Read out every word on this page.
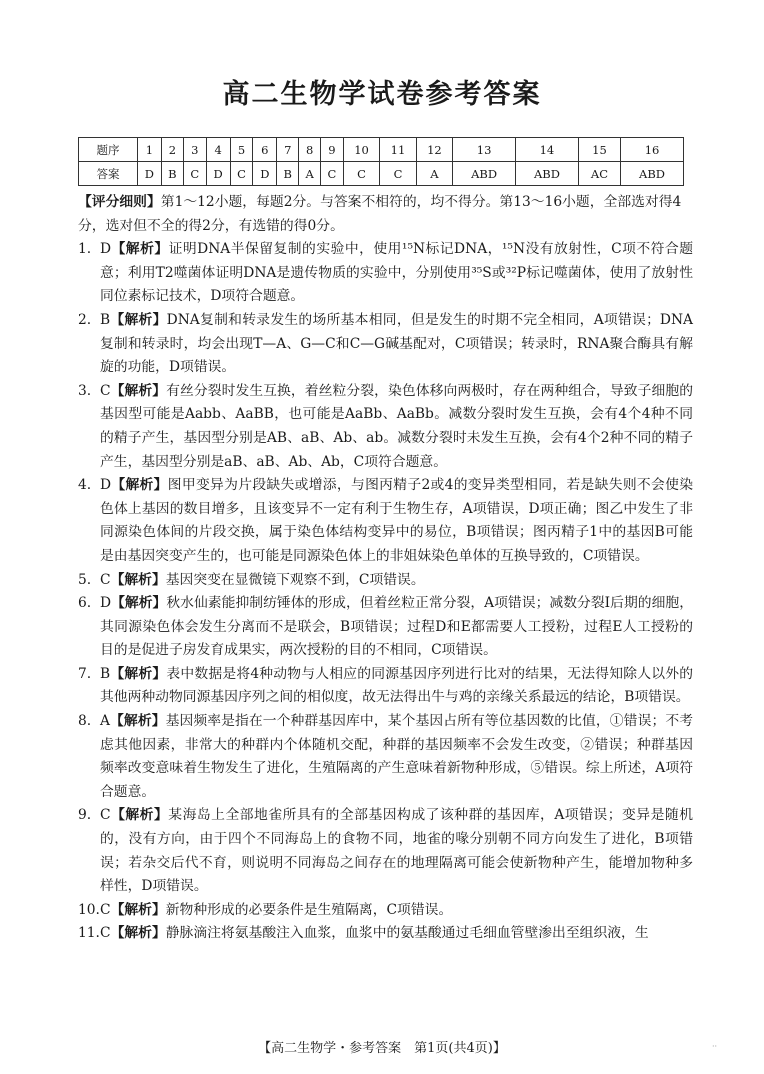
高二生物学试卷参考答案
题序	1	2	3	4	5	6	7	8	9	10	11	12	13	14	15	16
答案	D	B	C	D	C	D	B	A	C	C	C	A	ABD	ABD	AC	ABD

【评分细则】第1～12小题，每题2分。与答案不相符的，均不得分。第13～16小题，全部选对得4分，选对但不全的得2分，有选错的得0分。

1. D【解析】证明DNA半保留复制的实验中，使用¹⁵N标记DNA，¹⁵N没有放射性，C项不符合题意；利用T2噬菌体证明DNA是遗传物质的实验中，分别使用³⁵S或³²P标记噬菌体，使用了放射性同位素标记技术，D项符合题意。
2. B【解析】DNA复制和转录发生的场所基本相同，但是发生的时期不完全相同，A项错误；DNA复制和转录时，均会出现T—A、G—C和C—G碱基配对，C项错误；转录时，RNA聚合酶具有解旋的功能，D项错误。
3. C【解析】有丝分裂时发生互换，着丝粒分裂，染色体移向两极时，存在两种组合，导致子细胞的基因型可能是Aabb、AaBB，也可能是AaBb、AaBb。减数分裂时发生互换，会有4个4种不同的精子产生，基因型分别是AB、aB、Ab、ab。减数分裂时未发生互换，会有4个2种不同的精子产生，基因型分别是aB、aB、Ab、Ab，C项符合题意。
4. D【解析】图甲变异为片段缺失或增添，与图丙精子2或4的变异类型相同，若是缺失则不会使染色体上基因的数目增多，且该变异不一定有利于生物生存，A项错误，D项正确；图乙中发生了非同源染色体间的片段交换，属于染色体结构变异中的易位，B项错误；图丙精子1中的基因B可能是由基因突变产生的，也可能是同源染色体上的非姐妹染色单体的互换导致的，C项错误。
5. C【解析】基因突变在显微镜下观察不到，C项错误。
6. D【解析】秋水仙素能抑制纺锤体的形成，但着丝粒正常分裂，A项错误；减数分裂Ⅰ后期的细胞，其同源染色体会发生分离而不是联会，B项错误；过程D和E都需要人工授粉，过程E人工授粉的目的是促进子房发育成果实，两次授粉的目的不相同，C项错误。
7. B【解析】表中数据是将4种动物与人相应的同源基因序列进行比对的结果，无法得知除人以外的其他两种动物同源基因序列之间的相似度，故无法得出牛与鸡的亲缘关系最远的结论，B项错误。
8. A【解析】基因频率是指在一个种群基因库中，某个基因占所有等位基因数的比值，①错误；不考虑其他因素，非常大的种群内个体随机交配，种群的基因频率不会发生改变，②错误；种群基因频率改变意味着生物发生了进化，生殖隔离的产生意味着新物种形成，⑤错误。综上所述，A项符合题意。
9. C【解析】某海岛上全部地雀所具有的全部基因构成了该种群的基因库，A项错误；变异是随机的，没有方向，由于四个不同海岛上的食物不同，地雀的喙分别朝不同方向发生了进化，B项错误；若杂交后代不育，则说明不同海岛之间存在的地理隔离可能会使新物种产生，能增加物种多样性，D项错误。
10. C【解析】新物种形成的必要条件是生殖隔离，C项错误。
11. C【解析】静脉滴注将氨基酸注入血浆，血浆中的氨基酸通过毛细血管壁渗出至组织液，生
【高二生物学・参考答案　第1页(共4页)】	··
